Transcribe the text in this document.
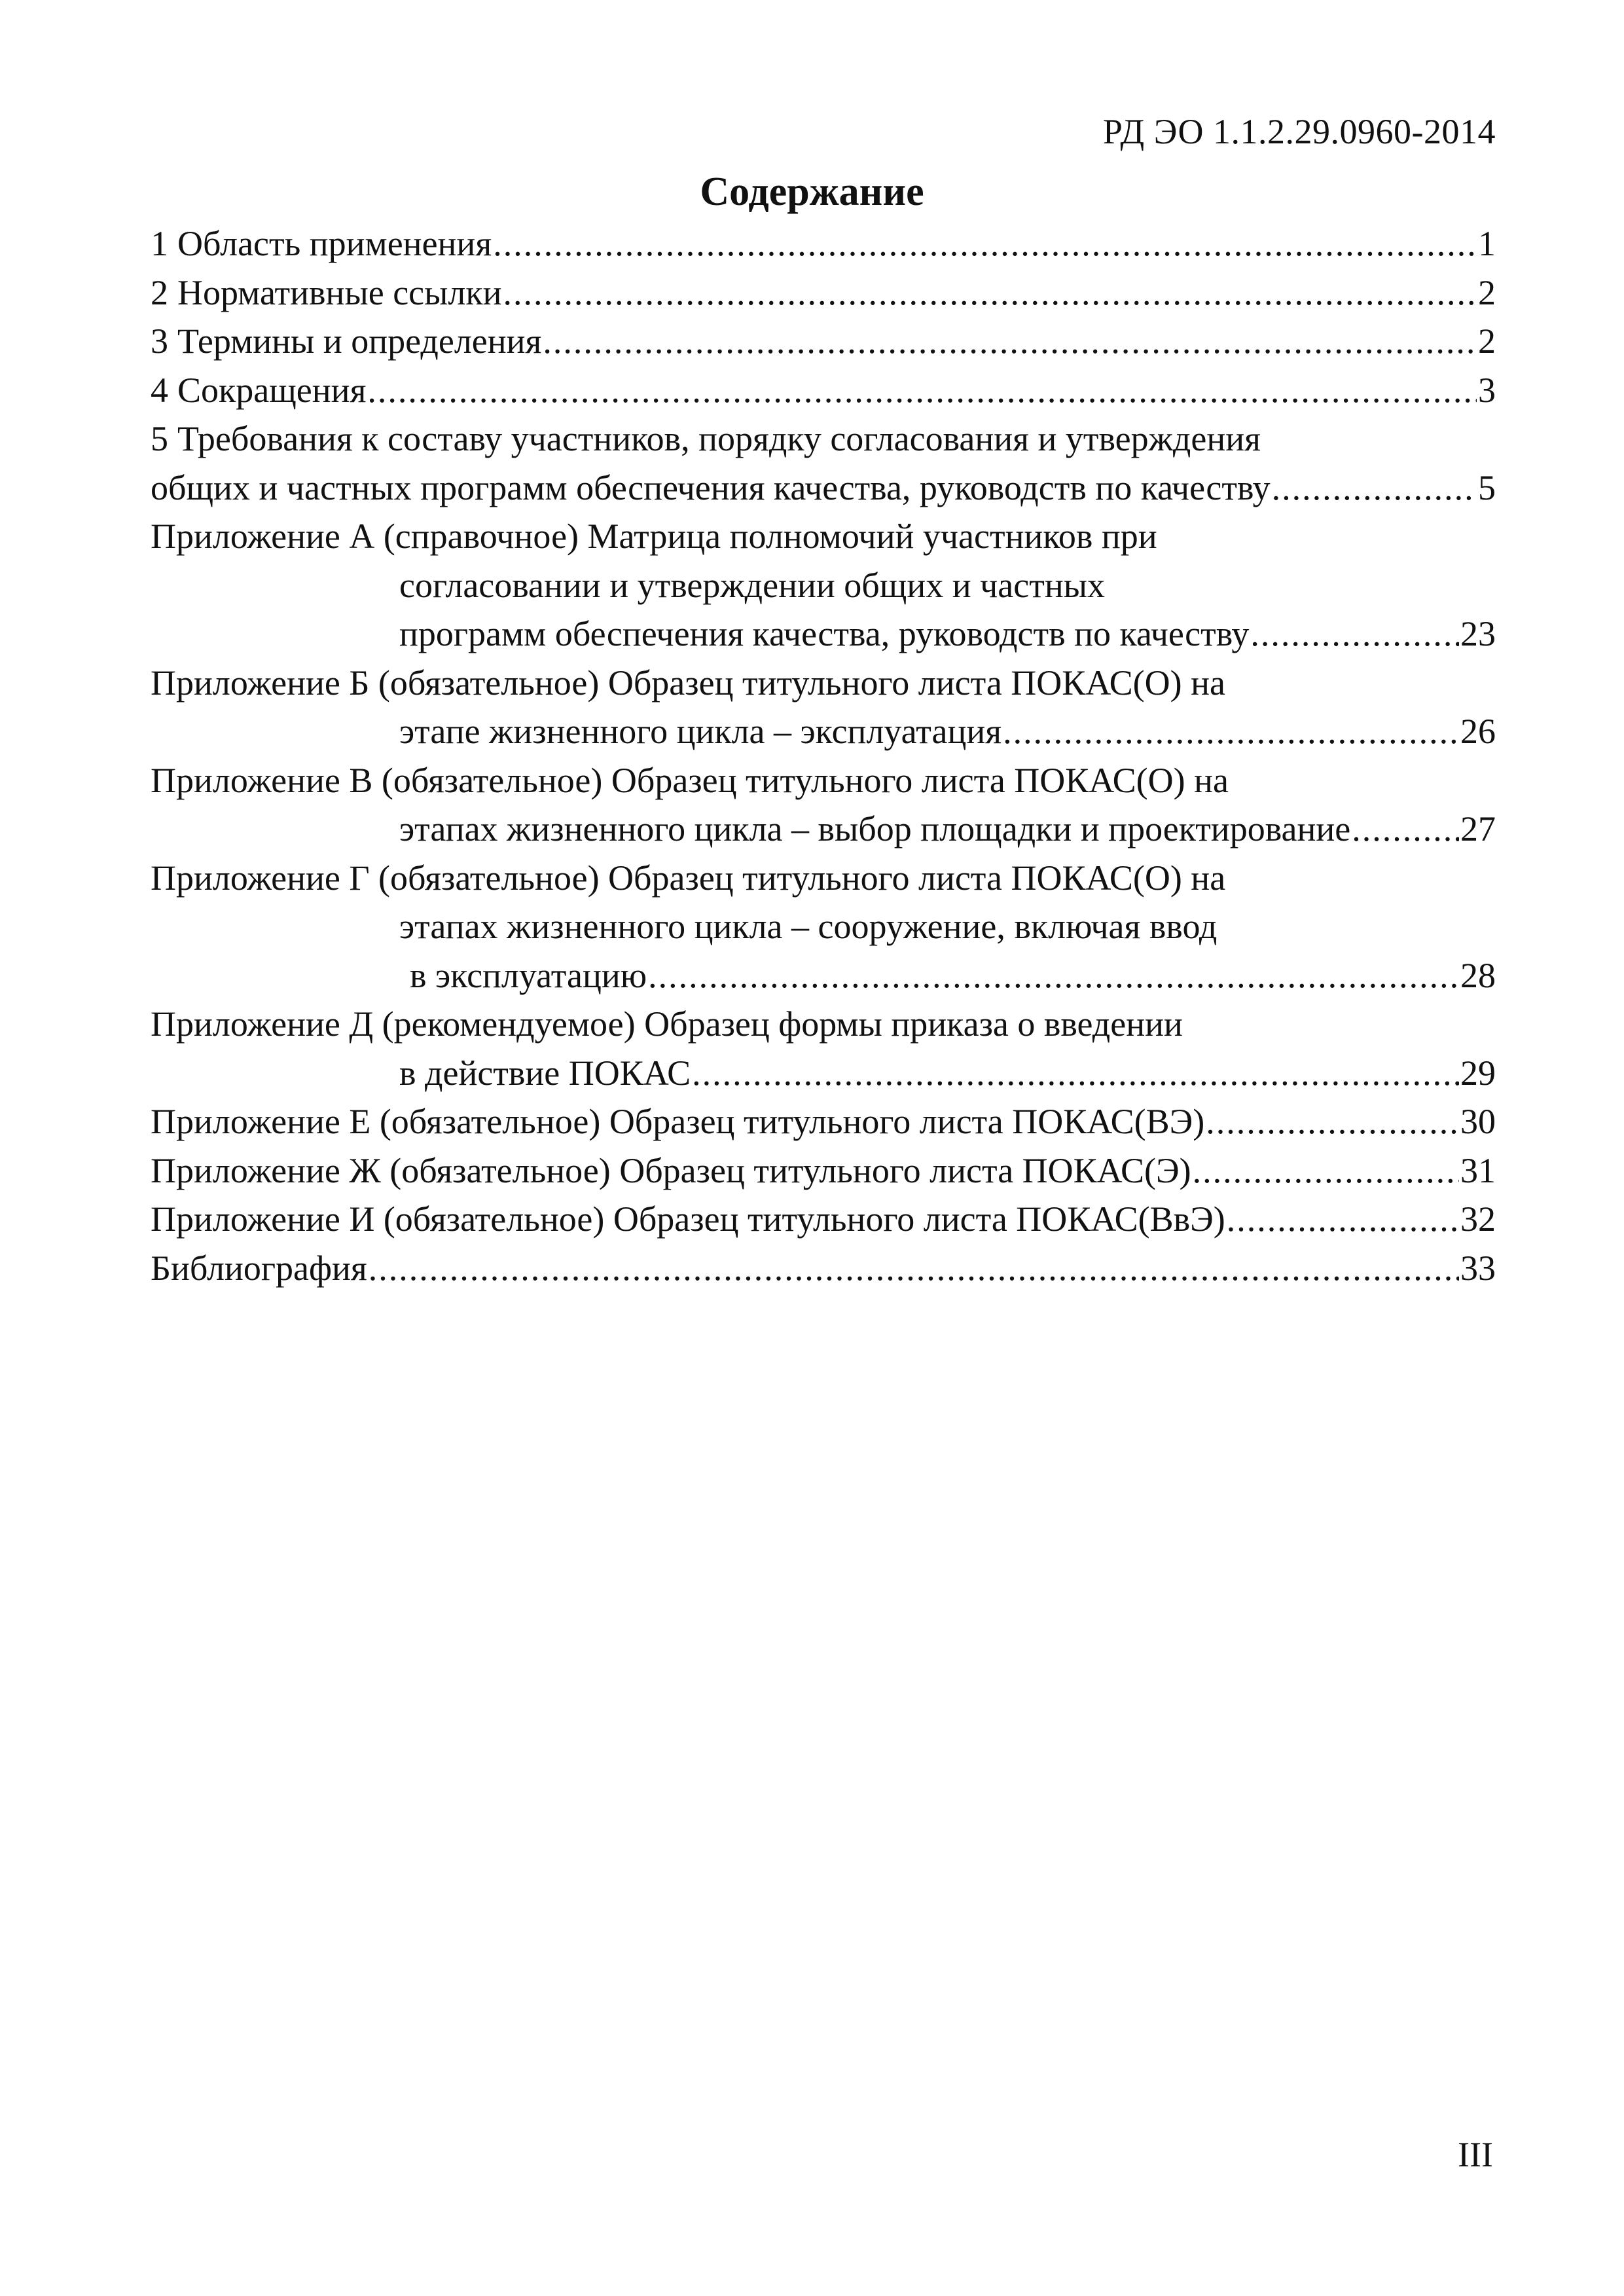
РД ЭО 1.1.2.29.0960-2014
Содержание
1 Область применения .....	1
2 Нормативные ссылки .....	2
3 Термины и определения .....	2
4 Сокращения .....	3
5 Требования к составу участников, порядку согласования и утверждения
общих и частных программ обеспечения качества, руководств по качеству .....	5
Приложение А (справочное) Матрица полномочий участников при
согласовании и утверждении общих и частных
программ обеспечения качества, руководств по качеству .....	23
Приложение Б (обязательное) Образец титульного листа ПОКАС(О) на
этапе жизненного цикла – эксплуатация .....	26
Приложение В (обязательное) Образец титульного листа ПОКАС(О) на
этапах жизненного цикла – выбор площадки и проектирование .....	27
Приложение Г (обязательное) Образец титульного листа ПОКАС(О) на
этапах жизненного цикла – сооружение, включая ввод
в эксплуатацию .....	28
Приложение Д (рекомендуемое) Образец формы приказа о введении
в действие ПОКАС .....	29
Приложение Е (обязательное) Образец титульного листа ПОКАС(ВЭ) .....	30
Приложение Ж (обязательное) Образец титульного листа ПОКАС(Э) .....	31
Приложение И (обязательное) Образец титульного листа ПОКАС(ВвЭ) .....	32
Библиография .....	33
III
